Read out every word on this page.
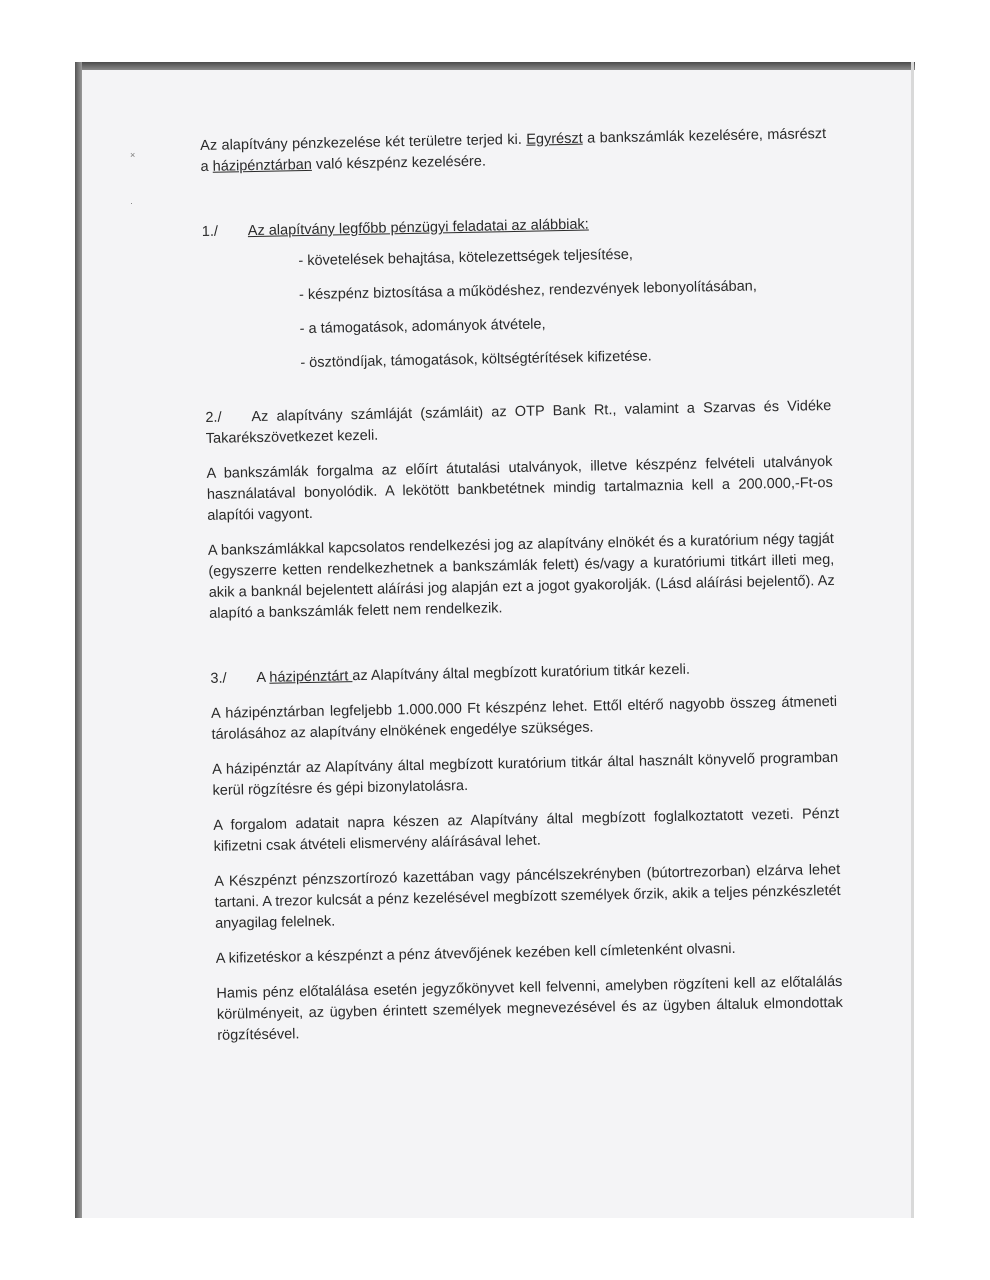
×
·

Az alapítvány pénzkezelése két területre terjed ki. Egyrészt a bankszámlák kezelésére, másrészt a házipénztárban való készpénz kezelésére.

1./	Az alapítvány legfőbb pénzügyi feladatai az alábbiak:
- követelések behajtása, kötelezettségek teljesítése,
- készpénz biztosítása a működéshez, rendezvények lebonyolításában,
- a támogatások, adományok átvétele,
- ösztöndíjak, támogatások, költségtérítések kifizetése.
2./	Az alapítvány számláját (számláit) az OTP Bank Rt., valamint a Szarvas és Vidéke Takarékszövetkezet kezeli.

A bankszámlák forgalma az előírt átutalási utalványok, illetve készpénz felvételi utalványok használatával bonyolódik. A lekötött bankbetétnek mindig tartalmaznia kell a 200.000,-Ft-os alapítói vagyont.

A bankszámlákkal kapcsolatos rendelkezési jog az alapítvány elnökét és a kuratórium négy tagját (egyszerre ketten rendelkezhetnek a bankszámlák felett) és/vagy a kuratóriumi titkárt illeti meg, akik a banknál bejelentett aláírási jog alapján ezt a jogot gyakorolják. (Lásd aláírási bejelentő). Az alapító a bankszámlák felett nem rendelkezik.

3./	A házipénztárt az Alapítvány által megbízott kuratórium titkár kezeli.

A házipénztárban legfeljebb 1.000.000 Ft készpénz lehet. Ettől eltérő nagyobb összeg átmeneti tárolásához az alapítvány elnökének engedélye szükséges.

A házipénztár az Alapítvány által megbízott kuratórium titkár által használt könyvelő programban kerül rögzítésre és gépi bizonylatolásra.

A forgalom adatait napra készen az Alapítvány által megbízott foglalkoztatott vezeti. Pénzt kifizetni csak átvételi elismervény aláírásával lehet.

A Készpénzt pénzszortírozó kazettában vagy páncélszekrényben (bútortrezorban) elzárva lehet tartani. A trezor kulcsát a pénz kezelésével megbízott személyek őrzik, akik a teljes pénzkészletét anyagilag felelnek.

A kifizetéskor a készpénzt a pénz átvevőjének kezében kell címletenként olvasni.

Hamis pénz előtalálása esetén jegyzőkönyvet kell felvenni, amelyben rögzíteni kell az előtalálás körülményeit, az ügyben érintett személyek megnevezésével és az ügyben általuk elmondottak rögzítésével.
